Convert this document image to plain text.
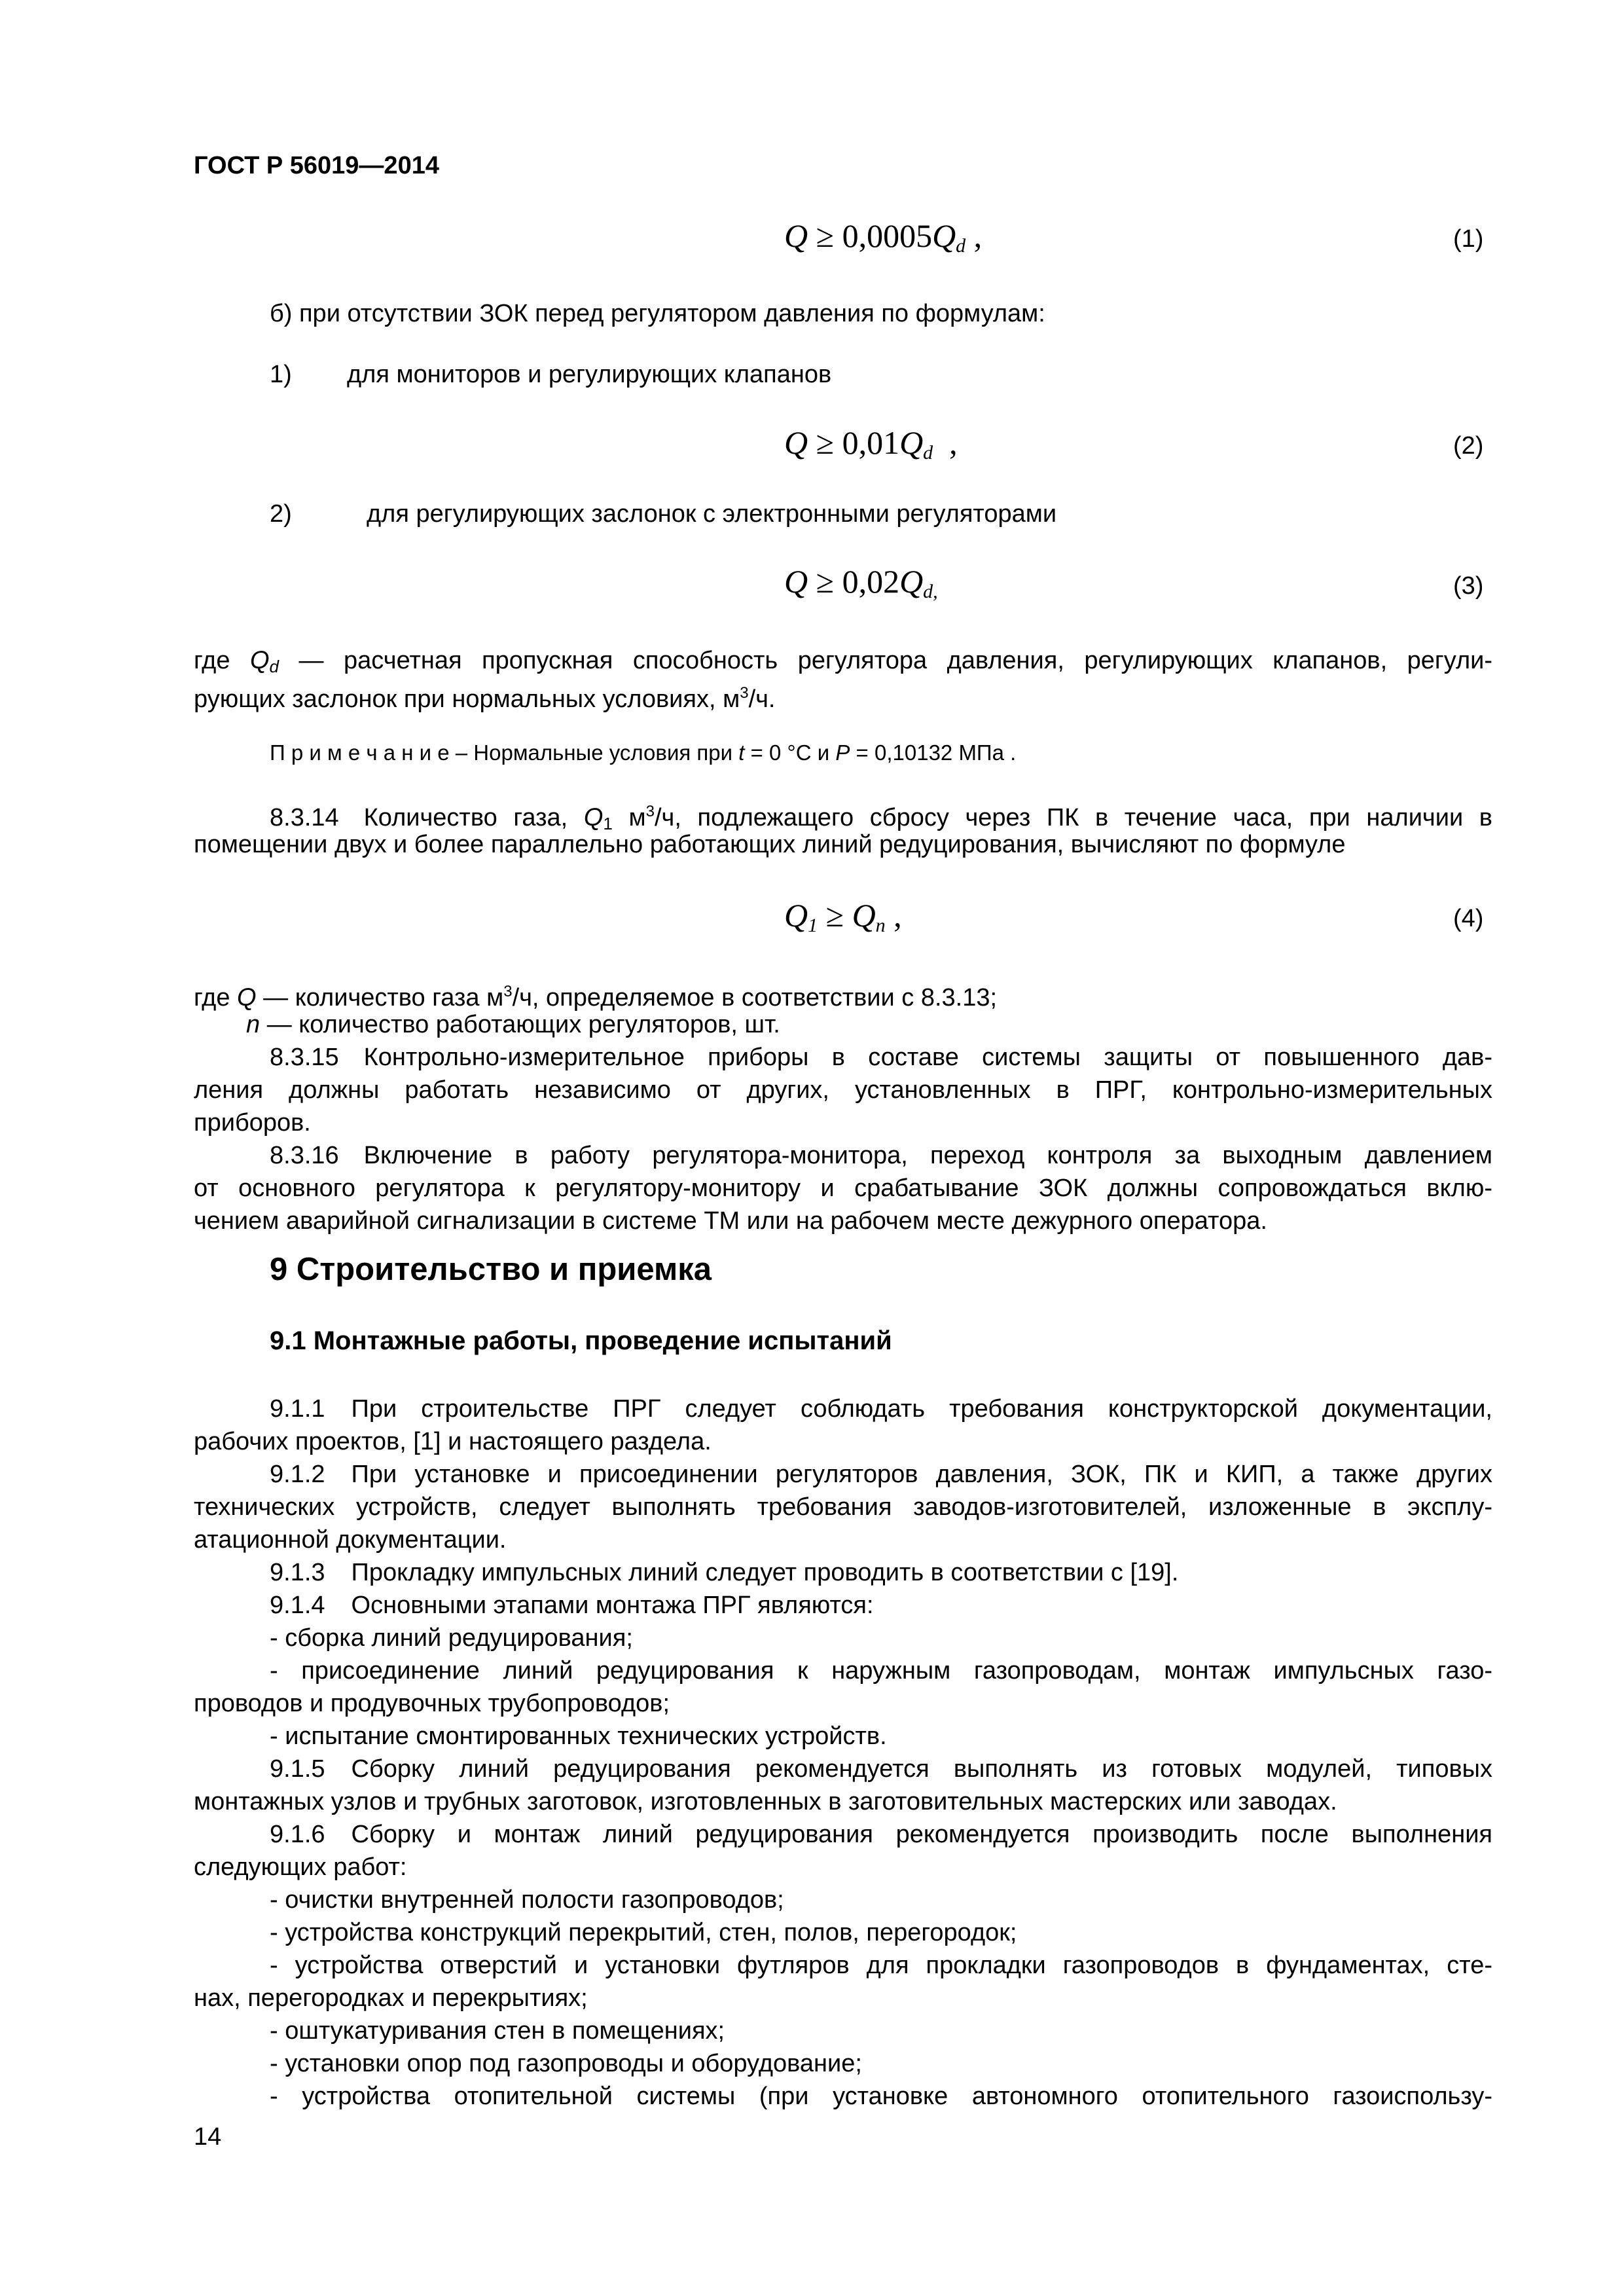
ГОСТ Р 56019—2014
$Q \ge 0,0005Q_d$ ,	(1)
б) при отсутствии ЗОК перед регулятором давления по формулам:
1) для мониторов и регулирующих клапанов
$Q \ge 0,01Q_d$ ,	(2)
2)	для регулирующих заслонок с электронными регуляторами
$Q \ge 0,02Q_{d,}$	(3)
где $Q_d$ — расчетная пропускная способность регулятора давления, регулирующих клапанов, регули-
рующих заслонок при нормальных условиях, $м^3/ч$.
П р и м е ч а н и е – Нормальные условия при t = 0 °С и Р = 0,10132 МПа .
8.3.14 Количество газа, $Q_1$ $м^3/ч$, подлежащего сбросу через ПК в течение часа, при наличии в
помещении двух и более параллельно работающих линий редуцирования, вычисляют по формуле
$Q_1 \ge Q_n$ ,	(4)
где Q — количество газа $м^3/ч$, определяемое в соответствии с 8.3.13;
n — количество работающих регуляторов, шт.
8.3.15 Контрольно-измерительное приборы в составе системы защиты от повышенного дав-
ления должны работать независимо от других, установленных в ПРГ, контрольно-измерительных
приборов.
8.3.16 Включение в работу регулятора-монитора, переход контроля за выходным давлением
от основного регулятора к регулятору-монитору и срабатывание ЗОК должны сопровождаться вклю-
чением аварийной сигнализации в системе ТМ или на рабочем месте дежурного оператора.
9 Строительство и приемка
9.1 Монтажные работы, проведение испытаний
9.1.1 При строительстве ПРГ следует соблюдать требования конструкторской документации,
рабочих проектов, [1] и настоящего раздела.
9.1.2 При установке и присоединении регуляторов давления, ЗОК, ПК и КИП, а также других
технических устройств, следует выполнять требования заводов-изготовителей, изложенные в эксплу-
атационной документации.
9.1.3 Прокладку импульсных линий следует проводить в соответствии с [19].
9.1.4 Основными этапами монтажа ПРГ являются:
- сборка линий редуцирования;
- присоединение линий редуцирования к наружным газопроводам, монтаж импульсных газо-
проводов и продувочных трубопроводов;
- испытание смонтированных технических устройств.
9.1.5 Сборку линий редуцирования рекомендуется выполнять из готовых модулей, типовых
монтажных узлов и трубных заготовок, изготовленных в заготовительных мастерских или заводах.
9.1.6 Сборку и монтаж линий редуцирования рекомендуется производить после выполнения
следующих работ:
- очистки внутренней полости газопроводов;
- устройства конструкций перекрытий, стен, полов, перегородок;
- устройства отверстий и установки футляров для прокладки газопроводов в фундаментах, сте-
нах, перегородках и перекрытиях;
- оштукатуривания стен в помещениях;
- установки опор под газопроводы и оборудование;
- устройства отопительной системы (при установке автономного отопительного газоиспользу-
14
